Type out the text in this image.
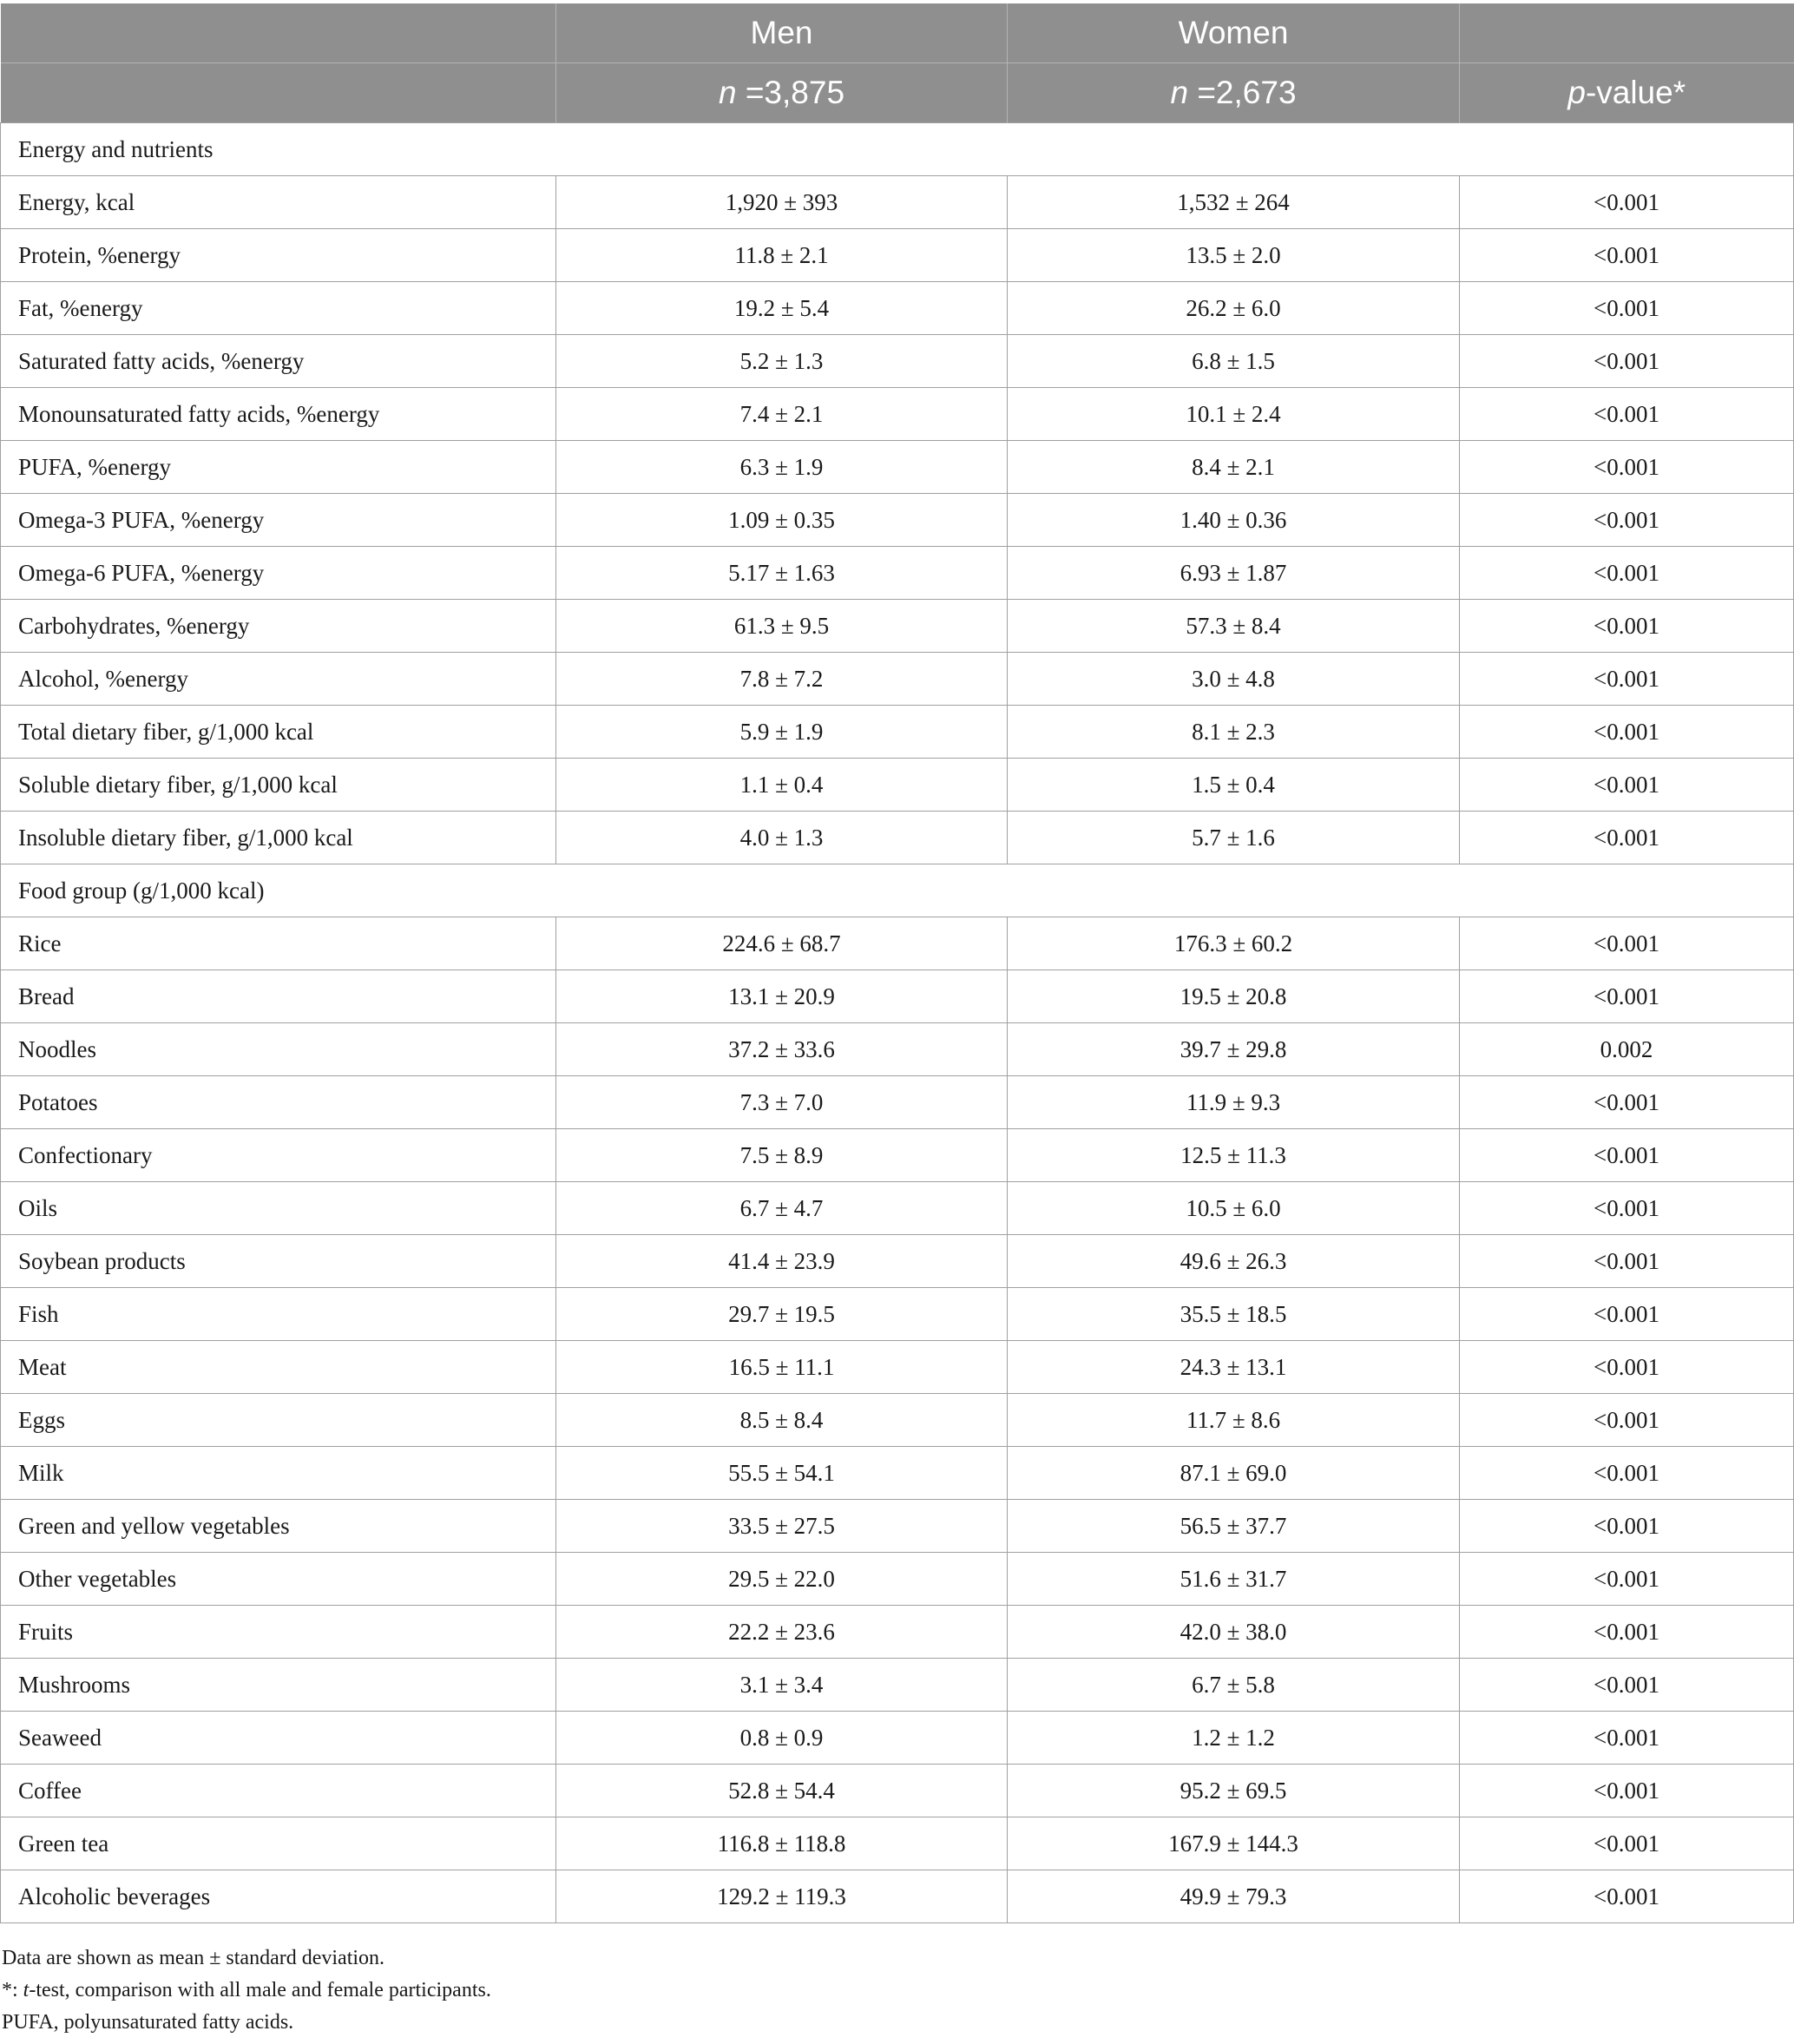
	Men	Women	
	n =3,875	n =2,673	p-value*
Energy and nutrients			
Energy, kcal	1,920 ± 393	1,532 ± 264	<0.001
Protein, %energy	11.8 ± 2.1	13.5 ± 2.0	<0.001
Fat, %energy	19.2 ± 5.4	26.2 ± 6.0	<0.001
Saturated fatty acids, %energy	5.2 ± 1.3	6.8 ± 1.5	<0.001
Monounsaturated fatty acids, %energy	7.4 ± 2.1	10.1 ± 2.4	<0.001
PUFA, %energy	6.3 ± 1.9	8.4 ± 2.1	<0.001
Omega-3 PUFA, %energy	1.09 ± 0.35	1.40 ± 0.36	<0.001
Omega-6 PUFA, %energy	5.17 ± 1.63	6.93 ± 1.87	<0.001
Carbohydrates, %energy	61.3 ± 9.5	57.3 ± 8.4	<0.001
Alcohol, %energy	7.8 ± 7.2	3.0 ± 4.8	<0.001
Total dietary fiber, g/1,000 kcal	5.9 ± 1.9	8.1 ± 2.3	<0.001
Soluble dietary fiber, g/1,000 kcal	1.1 ± 0.4	1.5 ± 0.4	<0.001
Insoluble dietary fiber, g/1,000 kcal	4.0 ± 1.3	5.7 ± 1.6	<0.001
Food group (g/1,000 kcal)			
Rice	224.6 ± 68.7	176.3 ± 60.2	<0.001
Bread	13.1 ± 20.9	19.5 ± 20.8	<0.001
Noodles	37.2 ± 33.6	39.7 ± 29.8	0.002
Potatoes	7.3 ± 7.0	11.9 ± 9.3	<0.001
Confectionary	7.5 ± 8.9	12.5 ± 11.3	<0.001
Oils	6.7 ± 4.7	10.5 ± 6.0	<0.001
Soybean products	41.4 ± 23.9	49.6 ± 26.3	<0.001
Fish	29.7 ± 19.5	35.5 ± 18.5	<0.001
Meat	16.5 ± 11.1	24.3 ± 13.1	<0.001
Eggs	8.5 ± 8.4	11.7 ± 8.6	<0.001
Milk	55.5 ± 54.1	87.1 ± 69.0	<0.001
Green and yellow vegetables	33.5 ± 27.5	56.5 ± 37.7	<0.001
Other vegetables	29.5 ± 22.0	51.6 ± 31.7	<0.001
Fruits	22.2 ± 23.6	42.0 ± 38.0	<0.001
Mushrooms	3.1 ± 3.4	6.7 ± 5.8	<0.001
Seaweed	0.8 ± 0.9	1.2 ± 1.2	<0.001
Coffee	52.8 ± 54.4	95.2 ± 69.5	<0.001
Green tea	116.8 ± 118.8	167.9 ± 144.3	<0.001
Alcoholic beverages	129.2 ± 119.3	49.9 ± 79.3	<0.001
Data are shown as mean ± standard deviation.
*: t-test, comparison with all male and female participants.
PUFA, polyunsaturated fatty acids.
